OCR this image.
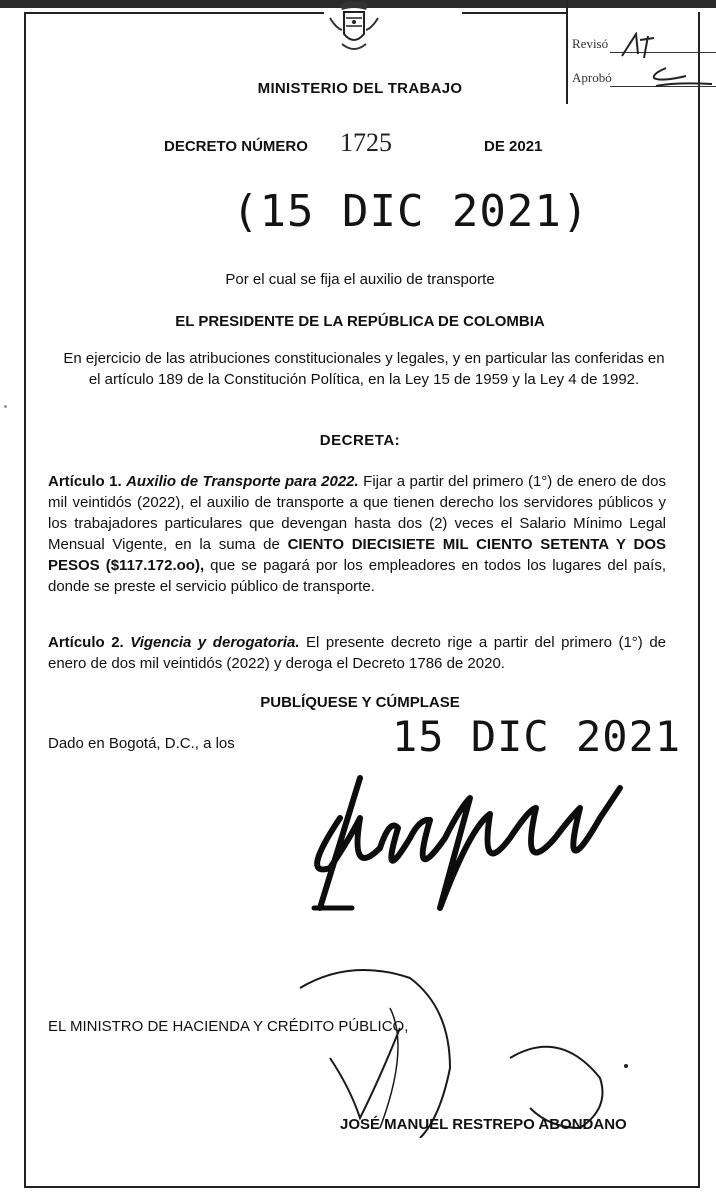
Revisó
Aprobó
MINISTERIO DEL TRABAJO
DECRETO NÚMERO 1725	DE 2021
(15 DIC 2021)
Por el cual se fija el auxilio de transporte
EL PRESIDENTE DE LA REPÚBLICA DE COLOMBIA
En ejercicio de las atribuciones constitucionales y legales, y en particular las conferidas en el artículo 189 de la Constitución Política, en la Ley 15 de 1959 y la Ley 4 de 1992.
DECRETA:
Artículo 1. Auxilio de Transporte para 2022. Fijar a partir del primero (1°) de enero de dos mil veintidós (2022), el auxilio de transporte a que tienen derecho los servidores públicos y los trabajadores particulares que devengan hasta dos (2) veces el Salario Mínimo Legal Mensual Vigente, en la suma de CIENTO DIECISIETE MIL CIENTO SETENTA Y DOS PESOS ($117.172.oo), que se pagará por los empleadores en todos los lugares del país, donde se preste el servicio público de transporte.
Artículo 2. Vigencia y derogatoria. El presente decreto rige a partir del primero (1°) de enero de dos mil veintidós (2022) y deroga el Decreto 1786 de 2020.
PUBLÍQUESE Y CÚMPLASE
Dado en Bogotá, D.C., a los	15 DIC 2021
EL MINISTRO DE HACIENDA Y CRÉDITO PÚBLICO,
JOSÉ MANUEL RESTREPO ABONDANO
